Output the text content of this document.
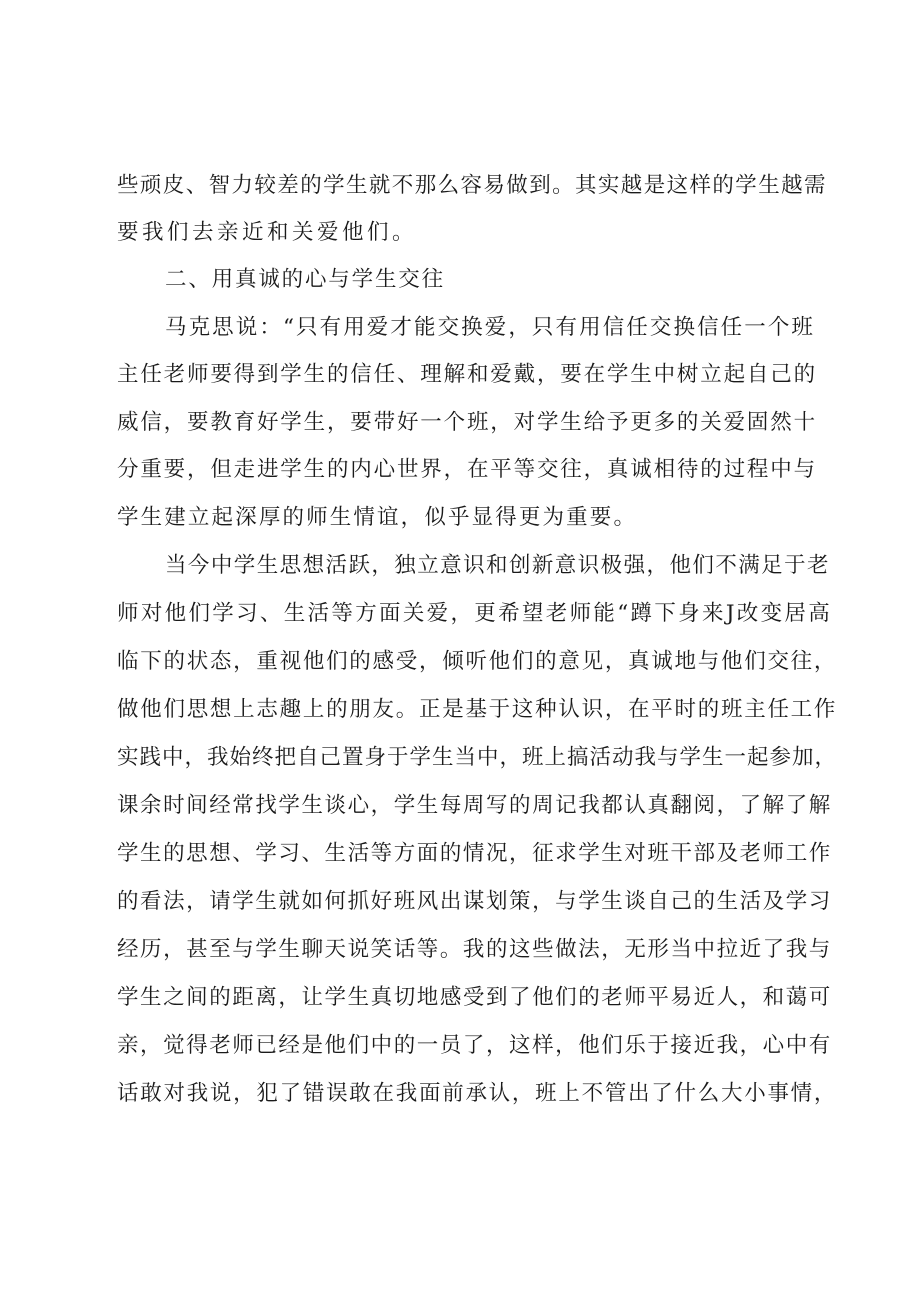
些顽皮、智力较差的学生就不那么容易做到。其实越是这样的学生越需
要我们去亲近和关爱他们。
二、用真诚的心与学生交往
马克思说：“只有用爱才能交换爱，只有用信任交换信任一个班
主任老师要得到学生的信任、理解和爱戴，要在学生中树立起自己的
威信，要教育好学生，要带好一个班，对学生给予更多的关爱固然十
分重要，但走进学生的内心世界，在平等交往，真诚相待的过程中与
学生建立起深厚的师生情谊，似乎显得更为重要。
当今中学生思想活跃，独立意识和创新意识极强，他们不满足于老
师对他们学习、生活等方面关爱，更希望老师能“蹲下身来J改变居高
临下的状态，重视他们的感受，倾听他们的意见，真诚地与他们交往，
做他们思想上志趣上的朋友。正是基于这种认识，在平时的班主任工作
实践中，我始终把自己置身于学生当中，班上搞活动我与学生一起参加，
课余时间经常找学生谈心，学生每周写的周记我都认真翻阅，了解了解
学生的思想、学习、生活等方面的情况，征求学生对班干部及老师工作
的看法，请学生就如何抓好班风出谋划策，与学生谈自己的生活及学习
经历，甚至与学生聊天说笑话等。我的这些做法，无形当中拉近了我与
学生之间的距离，让学生真切地感受到了他们的老师平易近人，和蔼可
亲，觉得老师已经是他们中的一员了，这样，他们乐于接近我，心中有
话敢对我说，犯了错误敢在我面前承认，班上不管出了什么大小事情，
